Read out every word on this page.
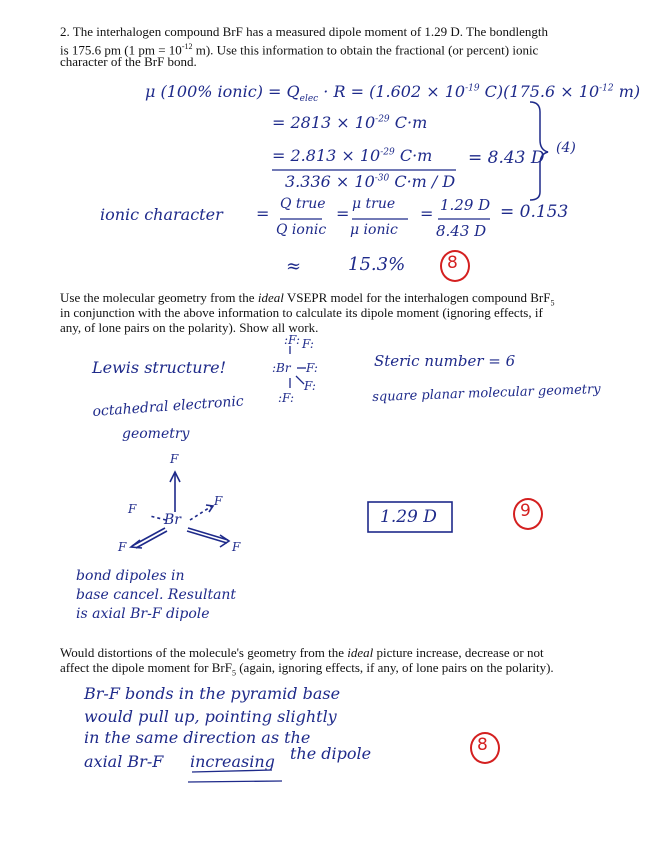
2. The interhalogen compound BrF has a measured dipole moment of 1.29 D. The bondlength
is 175.6 pm (1 pm = $10^{-12}$ m). Use this information to obtain the fractional (or percent) ionic
character of the BrF bond.
μ (100% ionic) = $Q_{elec} \cdot R = (1.602 \times 10^{-19}$ $C)(175.6 \times 10^{-12}$ m)
= $2813 \times 10^{-29}$ C·m
= $2.813 \times 10^{-29}$ C·m
$3.336 \times 10^{-30}$ C·m / D
= 8.43 D (4)
ionic character = Q true
Q ionic
= μ true
μ ionic
= 1.29 D
8.43 D
= 0.153
≈	15.3% 8
Use the molecular geometry from the ideal VSEPR model for the interhalogen compound BrF$_5$
in conjunction with the above information to calculate its dipole moment (ignoring effects, if
any, of lone pairs on the polarity). Show all work.
Lewis structure!	Steric number = 6
square planar molecular geometry
octahedral electronic
geometry
:F: F:
:Br F:
F:
:F:
F
Br
F
F
F	F
1.29 D	9
bond dipoles in
base cancel. Resultant
is axial Br-F dipole
Would distortions of the molecule's geometry from the ideal picture increase, decrease or not
affect the dipole moment for BrF$_5$ (again, ignoring effects, if any, of lone pairs on the polarity).
Br-F bonds in the pyramid base
would pull up, pointing slightly
in the same direction as the
axial Br-F increasing the dipole	8
